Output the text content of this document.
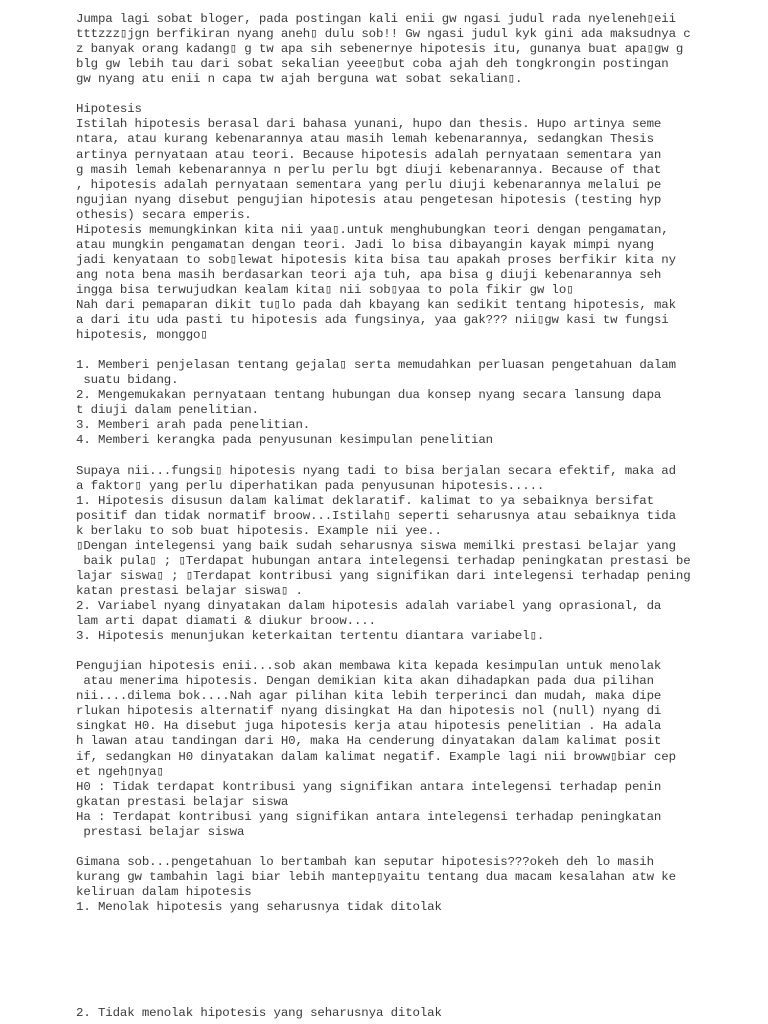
Jumpa lagi sobat bloger, pada postingan kali enii gw ngasi judul rada nyeleneh▯eii
tttzzz▯jgn berfikiran nyang aneh▯ dulu sob!! Gw ngasi judul kyk gini ada maksudnya c
z banyak orang kadang▯ g tw apa sih sebenernye hipotesis itu, gunanya buat apa▯gw g
blg gw lebih tau dari sobat sekalian yeee▯but coba ajah deh tongkrongin postingan
gw nyang atu enii n capa tw ajah berguna wat sobat sekalian▯.
Hipotesis
Istilah hipotesis berasal dari bahasa yunani, hupo dan thesis. Hupo artinya seme
ntara, atau kurang kebenarannya atau masih lemah kebenarannya, sedangkan Thesis
artinya pernyataan atau teori. Because hipotesis adalah pernyataan sementara yan
g masih lemah kebenarannya n perlu perlu bgt diuji kebenarannya. Because of that
, hipotesis adalah pernyataan sementara yang perlu diuji kebenarannya melalui pe
ngujian nyang disebut pengujian hipotesis atau pengetesan hipotesis (testing hyp
othesis) secara emperis.
Hipotesis memungkinkan kita nii yaa▯.untuk menghubungkan teori dengan pengamatan,
atau mungkin pengamatan dengan teori. Jadi lo bisa dibayangin kayak mimpi nyang
jadi kenyataan to sob▯lewat hipotesis kita bisa tau apakah proses berfikir kita ny
ang nota bena masih berdasarkan teori aja tuh, apa bisa g diuji kebenarannya seh
ingga bisa terwujudkan kealam kita▯ nii sob▯yaa to pola fikir gw lo▯
Nah dari pemaparan dikit tu▯lo pada dah kbayang kan sedikit tentang hipotesis, mak
a dari itu uda pasti tu hipotesis ada fungsinya, yaa gak??? nii▯gw kasi tw fungsi
hipotesis, monggo▯
1. Memberi penjelasan tentang gejala▯ serta memudahkan perluasan pengetahuan dalam
suatu bidang.
2. Mengemukakan pernyataan tentang hubungan dua konsep nyang secara lansung dapa
t diuji dalam penelitian.
3. Memberi arah pada penelitian.
4. Memberi kerangka pada penyusunan kesimpulan penelitian
Supaya nii...fungsi▯ hipotesis nyang tadi to bisa berjalan secara efektif, maka ad
a faktor▯ yang perlu diperhatikan pada penyusunan hipotesis.....
1. Hipotesis disusun dalam kalimat deklaratif. kalimat to ya sebaiknya bersifat
positif dan tidak normatif broow...Istilah▯ seperti seharusnya atau sebaiknya tida
k berlaku to sob buat hipotesis. Example nii yee..
▯Dengan intelegensi yang baik sudah seharusnya siswa memilki prestasi belajar yang
baik pula▯ ; ▯Terdapat hubungan antara intelegensi terhadap peningkatan prestasi be
lajar siswa▯ ; ▯Terdapat kontribusi yang signifikan dari intelegensi terhadap pening
katan prestasi belajar siswa▯ .
2. Variabel nyang dinyatakan dalam hipotesis adalah variabel yang oprasional, da
lam arti dapat diamati & diukur broow....
3. Hipotesis menunjukan keterkaitan tertentu diantara variabel▯.
Pengujian hipotesis enii...sob akan membawa kita kepada kesimpulan untuk menolak
atau menerima hipotesis. Dengan demikian kita akan dihadapkan pada dua pilihan
nii....dilema bok....Nah agar pilihan kita lebih terperinci dan mudah, maka dipe
rlukan hipotesis alternatif nyang disingkat Ha dan hipotesis nol (null) nyang di
singkat H0. Ha disebut juga hipotesis kerja atau hipotesis penelitian . Ha adala
h lawan atau tandingan dari H0, maka Ha cenderung dinyatakan dalam kalimat posit
if, sedangkan H0 dinyatakan dalam kalimat negatif. Example lagi nii broww▯biar cep
et ngeh▯nya▯
H0 : Tidak terdapat kontribusi yang signifikan antara intelegensi terhadap penin
gkatan prestasi belajar siswa
Ha : Terdapat kontribusi yang signifikan antara intelegensi terhadap peningkatan
prestasi belajar siswa
Gimana sob...pengetahuan lo bertambah kan seputar hipotesis???okeh deh lo masih
kurang gw tambahin lagi biar lebih mantep▯yaitu tentang dua macam kesalahan atw ke
keliruan dalam hipotesis
1. Menolak hipotesis yang seharusnya tidak ditolak
2. Tidak menolak hipotesis yang seharusnya ditolak
